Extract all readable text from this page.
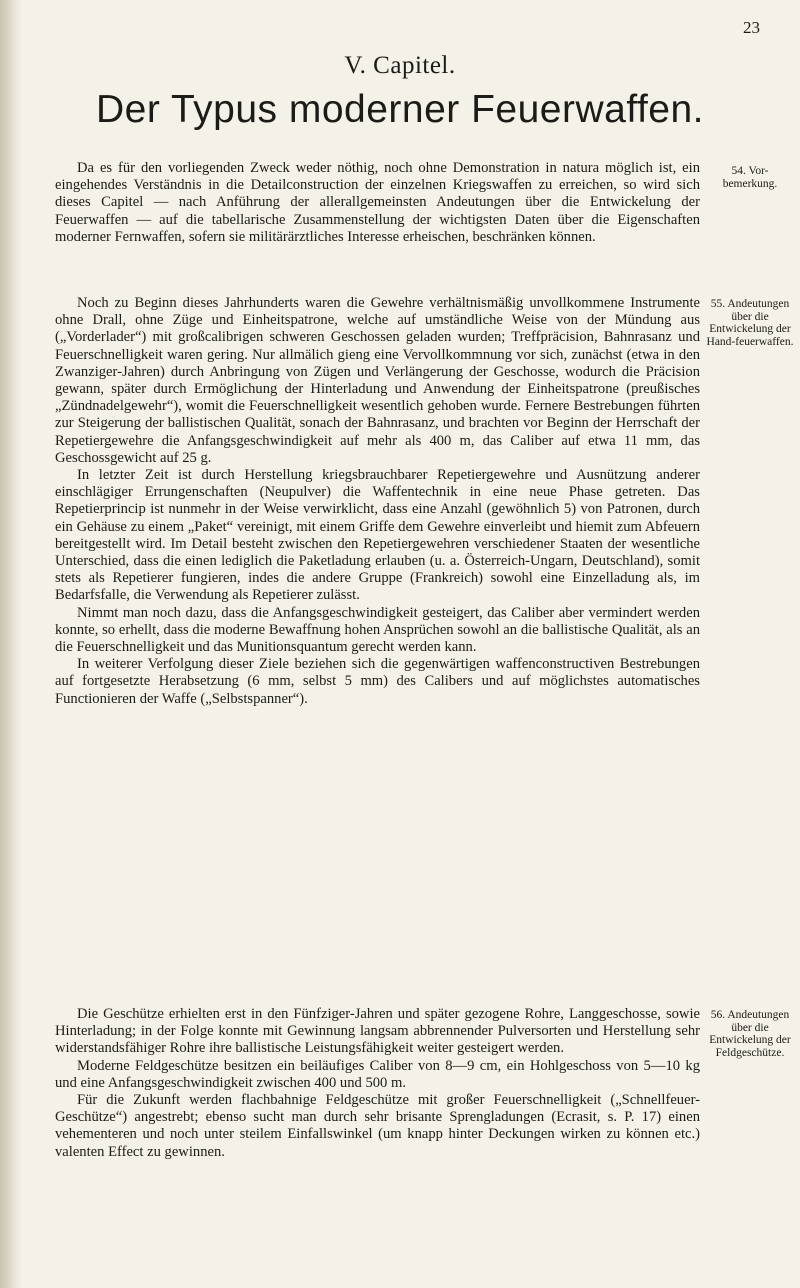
23
V. Capitel.
Der Typus moderner Feuerwaffen.

Da es für den vorliegenden Zweck weder nöthig, noch ohne Demonstration in natura möglich ist, ein eingehendes Verständnis in die Detailconstruction der einzelnen Kriegswaffen zu erreichen, so wird sich dieses Capitel — nach Anführung der allerallgemeinsten Andeutungen über die Entwickelung der Feuerwaffen — auf die tabellarische Zusammenstellung der wichtigsten Daten über die Eigenschaften moderner Fernwaffen, sofern sie militärärztliches Interesse erheischen, beschränken können.

54. Vor-bemerkung.

Noch zu Beginn dieses Jahrhunderts waren die Gewehre verhältnismäßig unvollkommene Instrumente ohne Drall, ohne Züge und Einheitspatrone, welche auf umständliche Weise von der Mündung aus („Vorderlader“) mit großcalibrigen schweren Geschossen geladen wurden; Treffpräcision, Bahnrasanz und Feuerschnelligkeit waren gering. Nur allmälich gieng eine Vervollkommnung vor sich, zunächst (etwa in den Zwanziger-Jahren) durch Anbringung von Zügen und Verlängerung der Geschosse, wodurch die Präcision gewann, später durch Ermöglichung der Hinterladung und Anwendung der Einheitspatrone (preußisches „Zündnadelgewehr“), womit die Feuerschnelligkeit wesentlich gehoben wurde. Fernere Bestrebungen führten zur Steigerung der ballistischen Qualität, sonach der Bahnrasanz, und brachten vor Beginn der Herrschaft der Repetiergewehre die Anfangsgeschwindigkeit auf mehr als 400 m, das Caliber auf etwa 11 mm, das Geschossgewicht auf 25 g.

In letzter Zeit ist durch Herstellung kriegsbrauchbarer Repetiergewehre und Ausnützung anderer einschlägiger Errungenschaften (Neupulver) die Waffentechnik in eine neue Phase getreten. Das Repetierprincip ist nunmehr in der Weise verwirklicht, dass eine Anzahl (gewöhnlich 5) von Patronen, durch ein Gehäuse zu einem „Paket“ vereinigt, mit einem Griffe dem Gewehre einverleibt und hiemit zum Abfeuern bereitgestellt wird. Im Detail besteht zwischen den Repetiergewehren verschiedener Staaten der wesentliche Unterschied, dass die einen lediglich die Paketladung erlauben (u. a. Österreich-Ungarn, Deutschland), somit stets als Repetierer fungieren, indes die andere Gruppe (Frankreich) sowohl eine Einzelladung als, im Bedarfsfalle, die Verwendung als Repetierer zulässt.

Nimmt man noch dazu, dass die Anfangsgeschwindigkeit gesteigert, das Caliber aber vermindert werden konnte, so erhellt, dass die moderne Bewaffnung hohen Ansprüchen sowohl an die ballistische Qualität, als an die Feuerschnelligkeit und das Munitionsquantum gerecht werden kann.

In weiterer Verfolgung dieser Ziele beziehen sich die gegenwärtigen waffenconstructiven Bestrebungen auf fortgesetzte Herabsetzung (6 mm, selbst 5 mm) des Calibers und auf möglichstes automatisches Functionieren der Waffe („Selbstspanner“).

55. Andeutungen über die Entwickelung der Hand-feuerwaffen.

Die Geschütze erhielten erst in den Fünfziger-Jahren und später gezogene Rohre, Langgeschosse, sowie Hinterladung; in der Folge konnte mit Gewinnung langsam abbrennender Pulversorten und Herstellung sehr widerstandsfähiger Rohre ihre ballistische Leistungsfähigkeit weiter gesteigert werden.

Moderne Feldgeschütze besitzen ein beiläufiges Caliber von 8—9 cm, ein Hohlgeschoss von 5—10 kg und eine Anfangsgeschwindigkeit zwischen 400 und 500 m.

Für die Zukunft werden flachbahnige Feldgeschütze mit großer Feuerschnelligkeit („Schnellfeuer-Geschütze“) angestrebt; ebenso sucht man durch sehr brisante Sprengladungen (Ecrasit, s. P. 17) einen vehementeren und noch unter steilem Einfallswinkel (um knapp hinter Deckungen wirken zu können etc.) valenten Effect zu gewinnen.

56. Andeutungen über die Entwickelung der Feldgeschütze.
